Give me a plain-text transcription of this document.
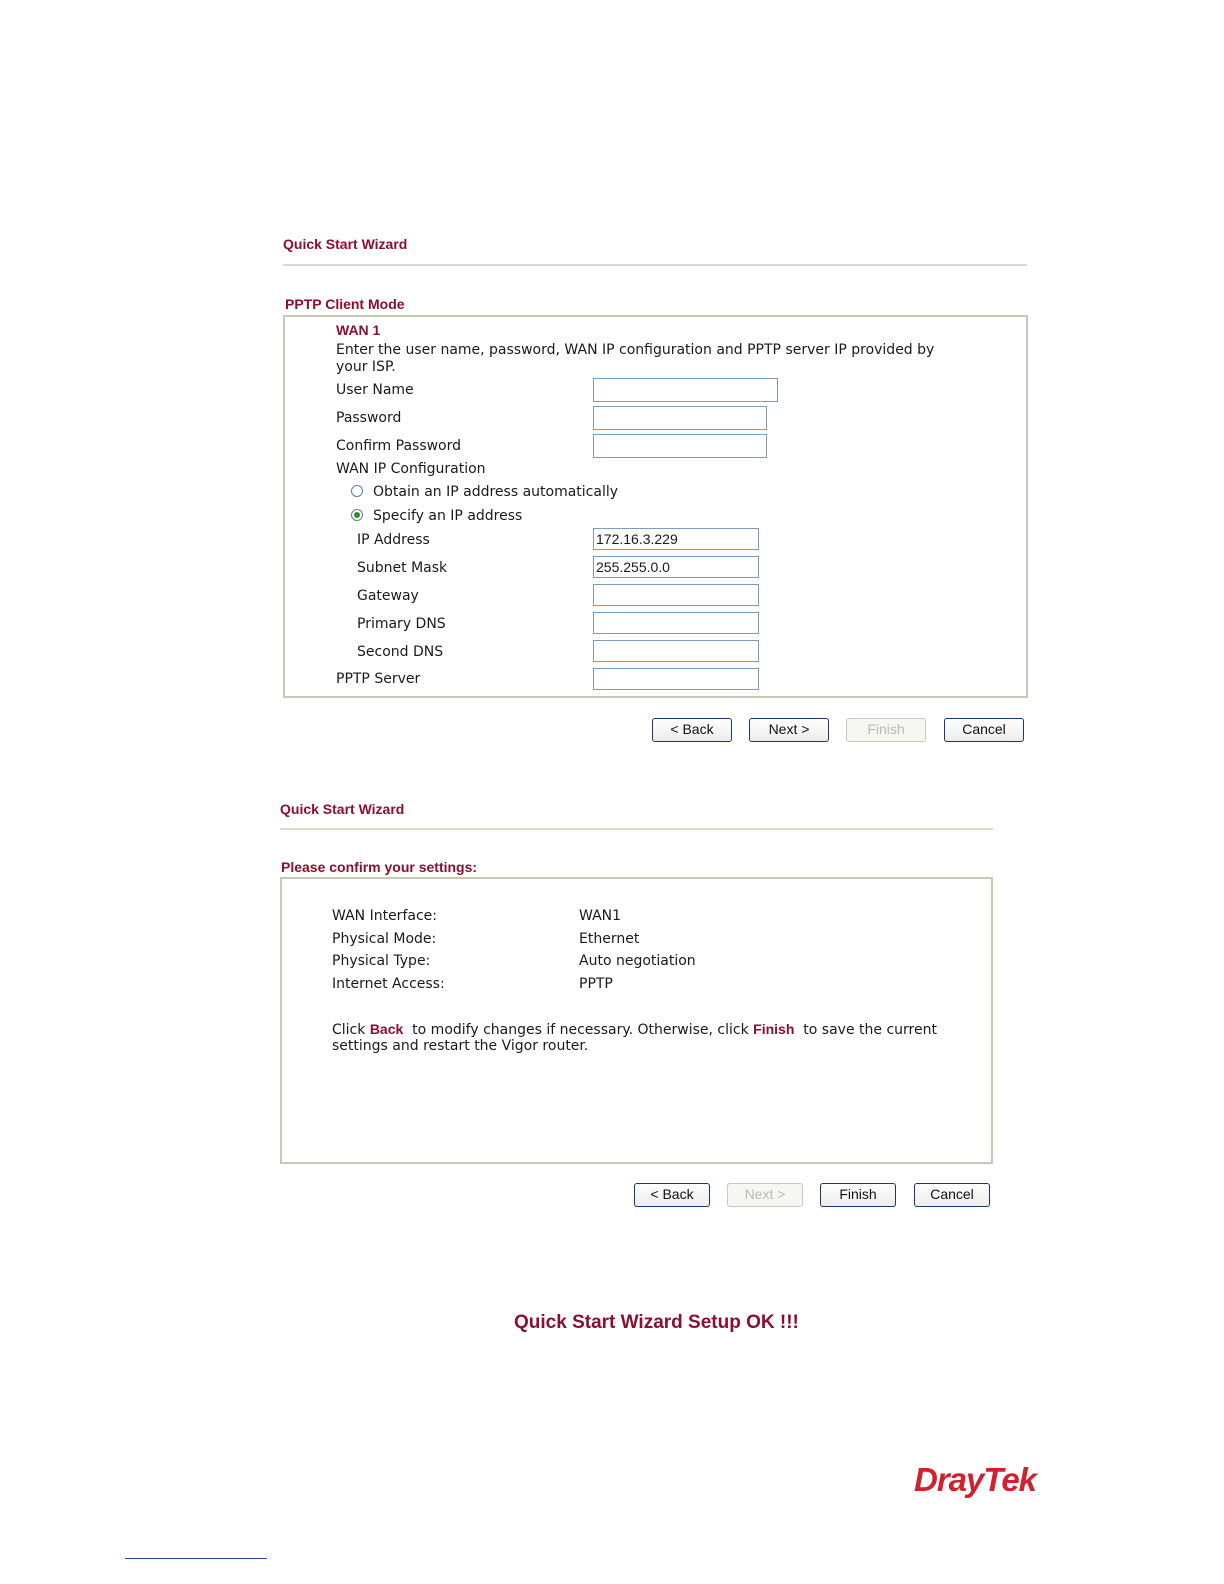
Quick Start Wizard
PPTP Client Mode
WAN 1
Enter the user name, password, WAN IP configuration and PPTP server IP provided by
your ISP.
User Name
Password
Confirm Password
WAN IP Configuration
Obtain an IP address automatically
Specify an IP address
IP Address	172.16.3.229
Subnet Mask	255.255.0.0
Gateway
Primary DNS
Second DNS
PPTP Server
< Back	Next >	Finish	Cancel
Quick Start Wizard
Please confirm your settings:
WAN Interface:	WAN1
Physical Mode:	Ethernet
Physical Type:	Auto negotiation
Internet Access:	PPTP
Click Back  to modify changes if necessary. Otherwise, click Finish  to save the current
settings and restart the Vigor router.
< Back	Next >	Finish	Cancel
Quick Start Wizard Setup OK !!!
DrayTek
